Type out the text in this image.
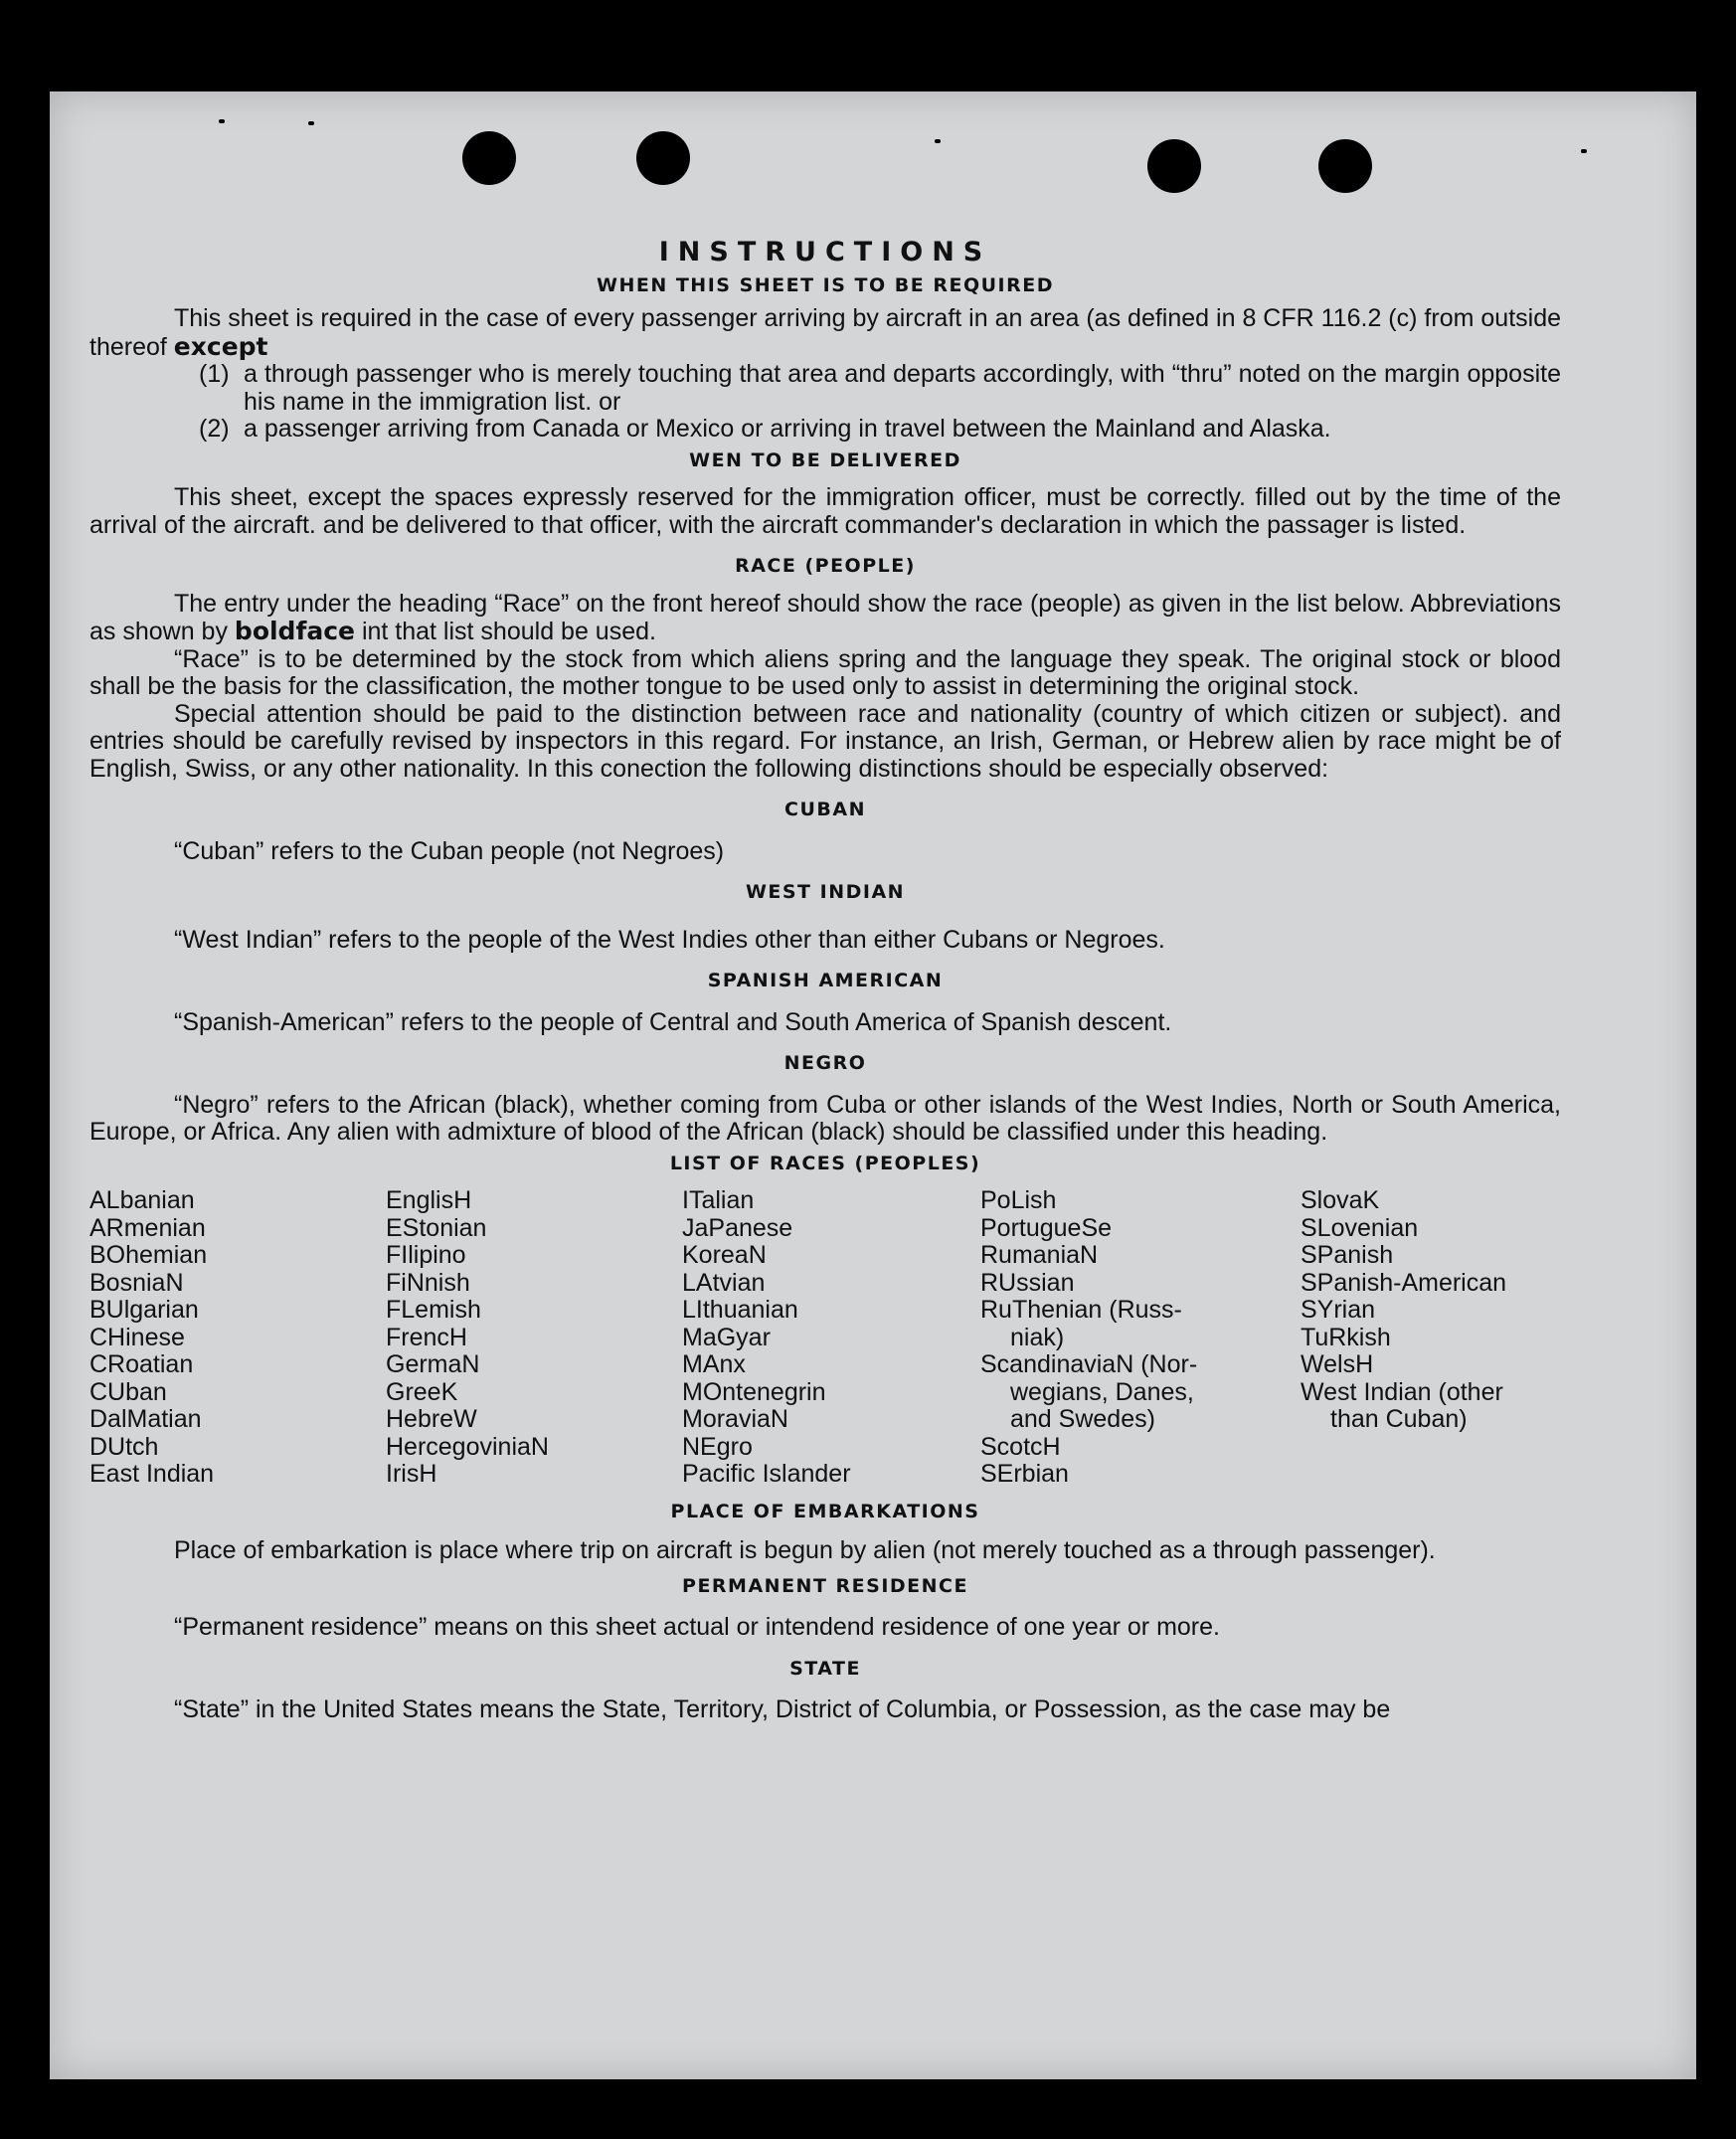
INSTRUCTIONS
WHEN THIS SHEET IS TO BE REQUIRED

This sheet is required in the case of every passenger arriving by aircraft in an area (as defined in 8 CFR 116.2 (c) from outside thereof except

(1) a through passenger who is merely touching that area and departs accordingly, with “thru” noted on the margin opposite his name in the immigration list. or
(2) a passenger arriving from Canada or Mexico or arriving in travel between the Mainland and Alaska.
WEN TO BE DELIVERED

This sheet, except the spaces expressly reserved for the immigration officer, must be correctly. filled out by the time of the arrival of the aircraft. and be delivered to that officer, with the aircraft commander's declaration in which the passager is listed.

RACE (PEOPLE)

The entry under the heading “Race” on the front hereof should show the race (people) as given in the list below. Abbreviations as shown by boldface int that list should be used.

“Race” is to be determined by the stock from which aliens spring and the language they speak. The original stock or blood shall be the basis for the classification, the mother tongue to be used only to assist in determining the original stock.

Special attention should be paid to the distinction between race and nationality (country of which citizen or subject). and entries should be carefully revised by inspectors in this regard. For instance, an Irish, German, or Hebrew alien by race might be of English, Swiss, or any other nationality. In this conection the following distinctions should be especially observed:

CUBAN

“Cuban” refers to the Cuban people (not Negroes)

WEST INDIAN

“West Indian” refers to the people of the West Indies other than either Cubans or Negroes.

SPANISH AMERICAN

“Spanish-American” refers to the people of Central and South America of Spanish descent.

NEGRO

“Negro” refers to the African (black), whether coming from Cuba or other islands of the West Indies, North or South America, Europe, or Africa. Any alien with admixture of blood of the African (black) should be classified under this heading.

LIST OF RACES (PEOPLES)
ALbanian
ARmenian
BOhemian
BosniaN
BUlgarian
CHinese
CRoatian
CUban
DalMatian
DUtch
East Indian
EnglisH
EStonian
FIlipino
FiNnish
FLemish
FrencH
GermaN
GreeK
HebreW
HercegoviniaN
IrisH
ITalian
JaPanese
KoreaN
LAtvian
LIthuanian
MaGyar
MAnx
MOntenegrin
MoraviaN
NEgro
Pacific Islander
PoLish
PortugueSe
RumaniaN
RUssian
RuThenian (Russ-
niak)
ScandinaviaN (Nor-
wegians, Danes,
and Swedes)
ScotcH
SErbian
SlovaK
SLovenian
SPanish
SPanish-American
SYrian
TuRkish
WelsH
West Indian (other
than Cuban)
PLACE OF EMBARKATIONS

Place of embarkation is place where trip on aircraft is begun by alien (not merely touched as a through passenger).

PERMANENT RESIDENCE

“Permanent residence” means on this sheet actual or intendend residence of one year or more.

STATE

“State” in the United States means the State, Territory, District of Columbia, or Possession, as the case may be
